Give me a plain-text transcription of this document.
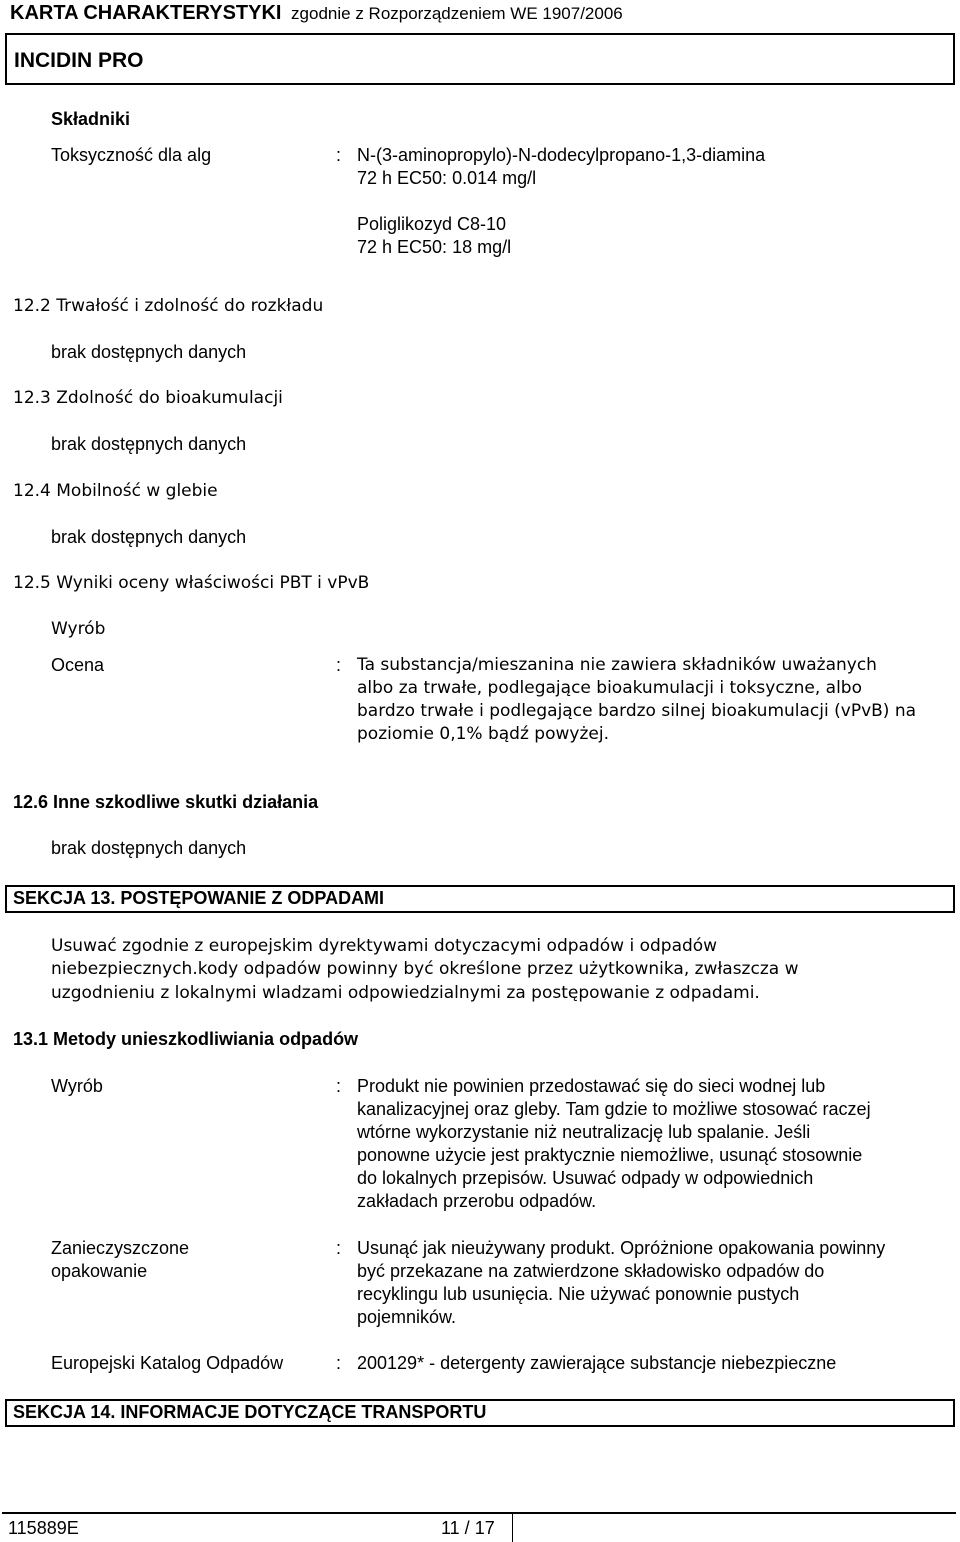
KARTA CHARAKTERYSTYKI zgodnie z Rozporządzeniem WE 1907/2006
INCIDIN PRO
Składniki
Toksyczność dla alg	: N-(3-aminopropylo)-N-dodecylpropano-1,3-diamina
72 h EC50: 0.014 mg/l
Poliglikozyd C8-10
72 h EC50: 18 mg/l
12.2 Trwałość i zdolność do rozkładu
brak dostępnych danych
12.3 Zdolność do bioakumulacji
brak dostępnych danych
12.4 Mobilność w glebie
brak dostępnych danych
12.5 Wyniki oceny właściwości PBT i vPvB
Wyrób
Ocena	: Ta substancja/mieszanina nie zawiera składników uważanych
albo za trwałe, podlegające bioakumulacji i toksyczne, albo
bardzo trwałe i podlegające bardzo silnej bioakumulacji (vPvB) na
poziomie 0,1% bądź powyżej.
12.6 Inne szkodliwe skutki działania
brak dostępnych danych
SEKCJA 13. POSTĘPOWANIE Z ODPADAMI
Usuwać zgodnie z europejskim dyrektywami dotyczacymi odpadów i odpadów
niebezpiecznych.kody odpadów powinny być określone przez użytkownika, zwłaszcza w
uzgodnieniu z lokalnymi wladzami odpowiedzialnymi za postępowanie z odpadami.
13.1 Metody unieszkodliwiania odpadów
Wyrób	: Produkt nie powinien przedostawać się do sieci wodnej lub
kanalizacyjnej oraz gleby. Tam gdzie to możliwe stosować raczej
wtórne wykorzystanie niż neutralizację lub spalanie. Jeśli
ponowne użycie jest praktycznie niemożliwe, usunąć stosownie
do lokalnych przepisów. Usuwać odpady w odpowiednich
zakładach przerobu odpadów.
Zanieczyszczone
opakowanie
: Usunąć jak nieużywany produkt. Opróżnione opakowania powinny
być przekazane na zatwierdzone składowisko odpadów do
recyklingu lub usunięcia. Nie używać ponownie pustych
pojemników.
Europejski Katalog Odpadów	: 200129* - detergenty zawierające substancje niebezpieczne
SEKCJA 14. INFORMACJE DOTYCZĄCE TRANSPORTU
115889E	11 / 17
